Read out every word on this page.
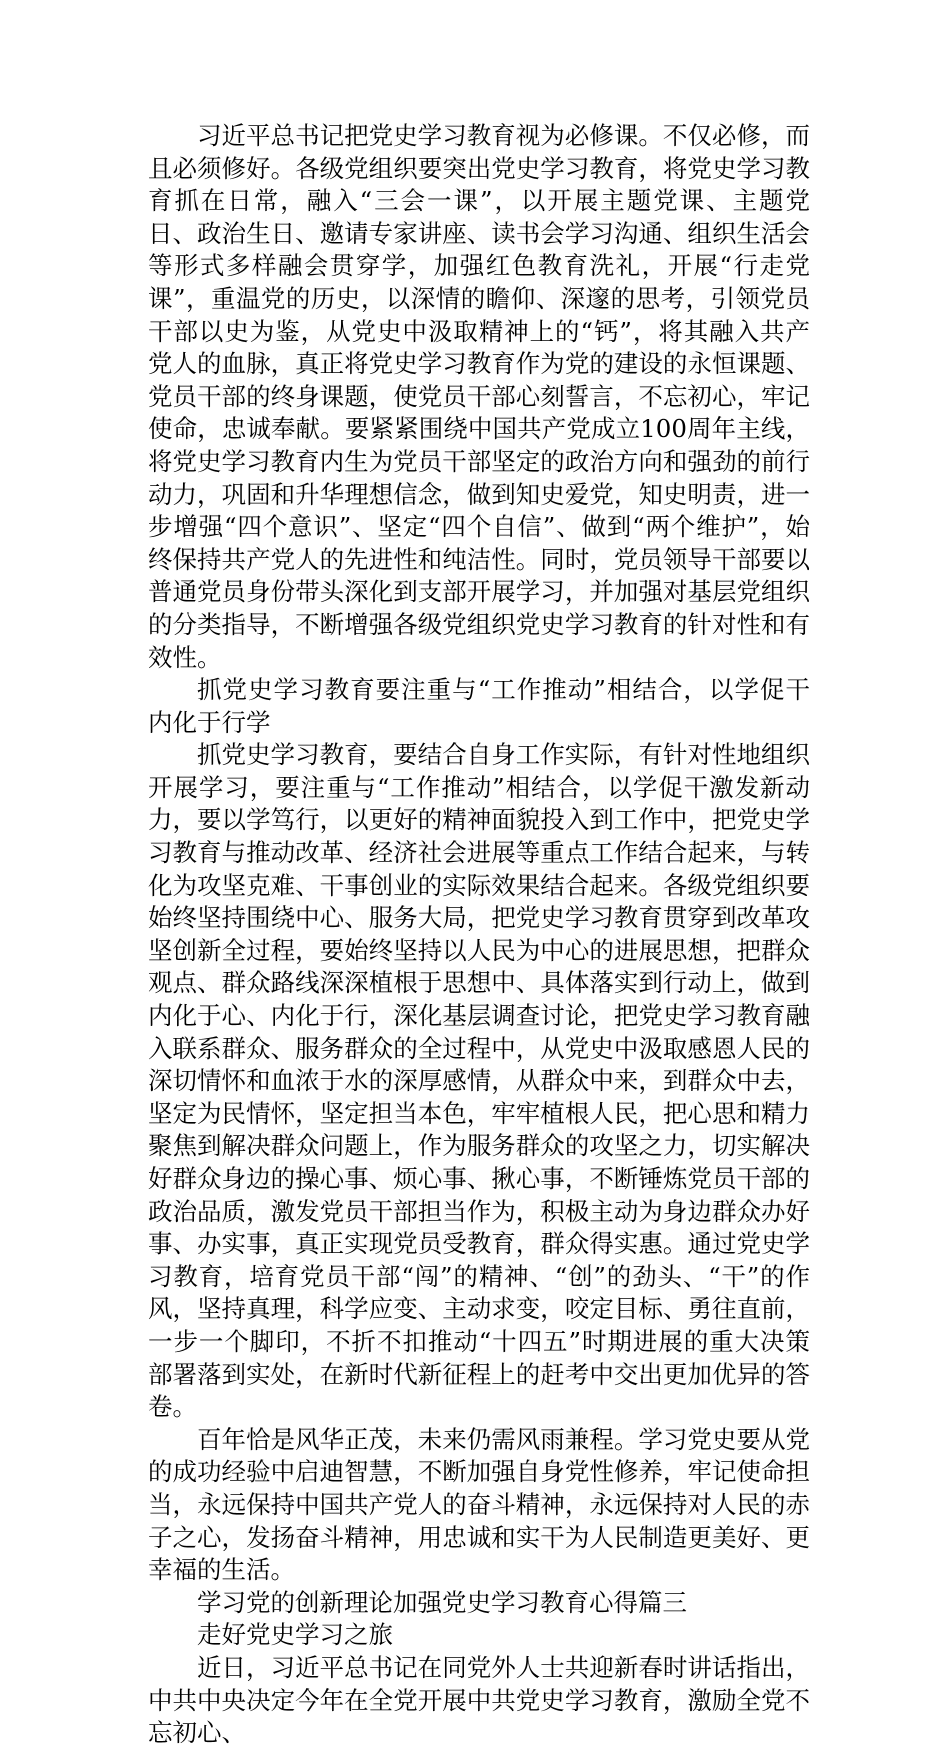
习近平总书记把党史学习教育视为必修课。不仅必修，而且必须修好。各级党组织要突出党史学习教育，将党史学习教育抓在日常，融入“三会一课”，以开展主题党课、主题党日、政治生日、邀请专家讲座、读书会学习沟通、组织生活会等形式多样融会贯穿学，加强红色教育洗礼，开展“行走党课”，重温党的历史，以深情的瞻仰、深邃的思考，引领党员干部以史为鉴，从党史中汲取精神上的“钙”，将其融入共产党人的血脉，真正将党史学习教育作为党的建设的永恒课题、党员干部的终身课题，使党员干部心刻誓言，不忘初心，牢记使命，忠诚奉献。要紧紧围绕中国共产党成立100周年主线，将党史学习教育内生为党员干部坚定的政治方向和强劲的前行动力，巩固和升华理想信念，做到知史爱党，知史明责，进一步增强“四个意识”、坚定“四个自信”、做到“两个维护”，始终保持共产党人的先进性和纯洁性。同时，党员领导干部要以普通党员身份带头深化到支部开展学习，并加强对基层党组织的分类指导，不断增强各级党组织党史学习教育的针对性和有效性。

抓党史学习教育要注重与“工作推动”相结合，以学促干内化于行学

抓党史学习教育，要结合自身工作实际，有针对性地组织开展学习，要注重与“工作推动”相结合，以学促干激发新动力，要以学笃行，以更好的精神面貌投入到工作中，把党史学习教育与推动改革、经济社会进展等重点工作结合起来，与转化为攻坚克难、干事创业的实际效果结合起来。各级党组织要始终坚持围绕中心、服务大局，把党史学习教育贯穿到改革攻坚创新全过程，要始终坚持以人民为中心的进展思想，把群众观点、群众路线深深植根于思想中、具体落实到行动上，做到内化于心、内化于行，深化基层调查讨论，把党史学习教育融入联系群众、服务群众的全过程中，从党史中汲取感恩人民的深切情怀和血浓于水的深厚感情，从群众中来，到群众中去，坚定为民情怀，坚定担当本色，牢牢植根人民，把心思和精力聚焦到解决群众问题上，作为服务群众的攻坚之力，切实解决好群众身边的操心事、烦心事、揪心事，不断锤炼党员干部的政治品质，激发党员干部担当作为，积极主动为身边群众办好事、办实事，真正实现党员受教育，群众得实惠。通过党史学习教育，培育党员干部“闯”的精神、“创”的劲头、“干”的作风，坚持真理，科学应变、主动求变，咬定目标、勇往直前，一步一个脚印，不折不扣推动“十四五”时期进展的重大决策部署落到实处，在新时代新征程上的赶考中交出更加优异的答卷。

百年恰是风华正茂，未来仍需风雨兼程。学习党史要从党的成功经验中启迪智慧，不断加强自身党性修养，牢记使命担当，永远保持中国共产党人的奋斗精神，永远保持对人民的赤子之心，发扬奋斗精神，用忠诚和实干为人民制造更美好、更幸福的生活。

学习党的创新理论加强党史学习教育心得篇三

走好党史学习之旅

近日，习近平总书记在同党外人士共迎新春时讲话指出，中共中央决定今年在全党开展中共党史学习教育，激励全党不忘初心、
